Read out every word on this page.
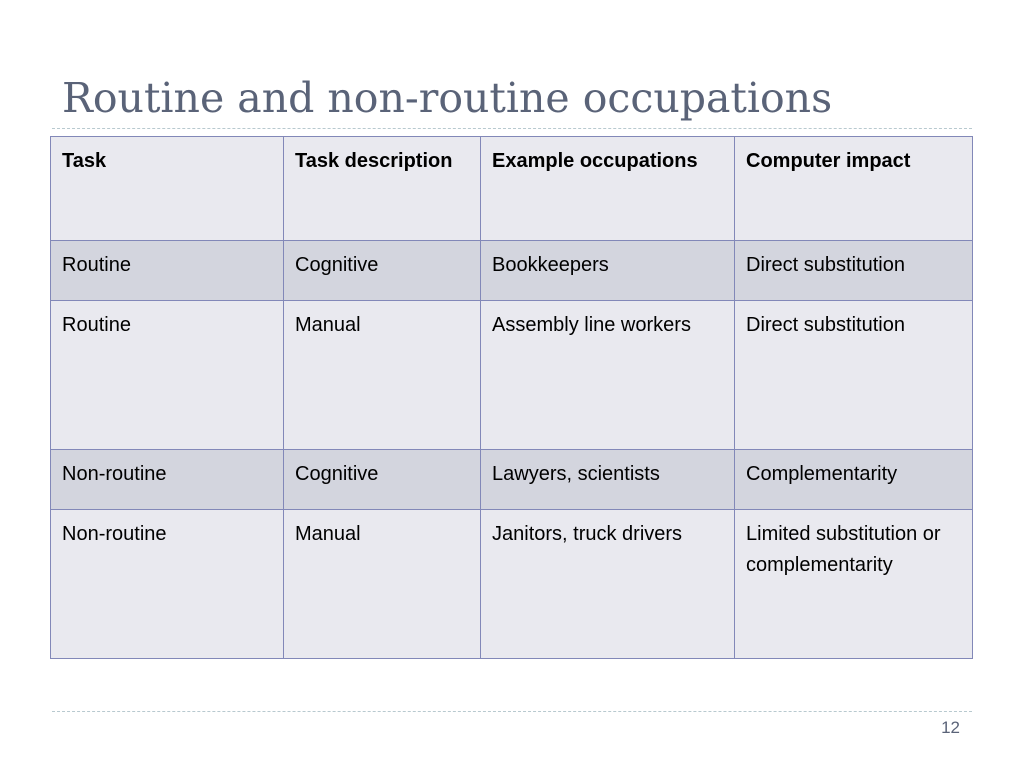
Routine and non-routine occupations
Task	Task description	Example occupations	Computer impact
Routine	Cognitive	Bookkeepers	Direct substitution
Routine	Manual	Assembly line workers	Direct substitution
Non-routine	Cognitive	Lawyers, scientists	Complementarity
Non-routine	Manual	Janitors, truck drivers	Limited substitution or complementarity
12
